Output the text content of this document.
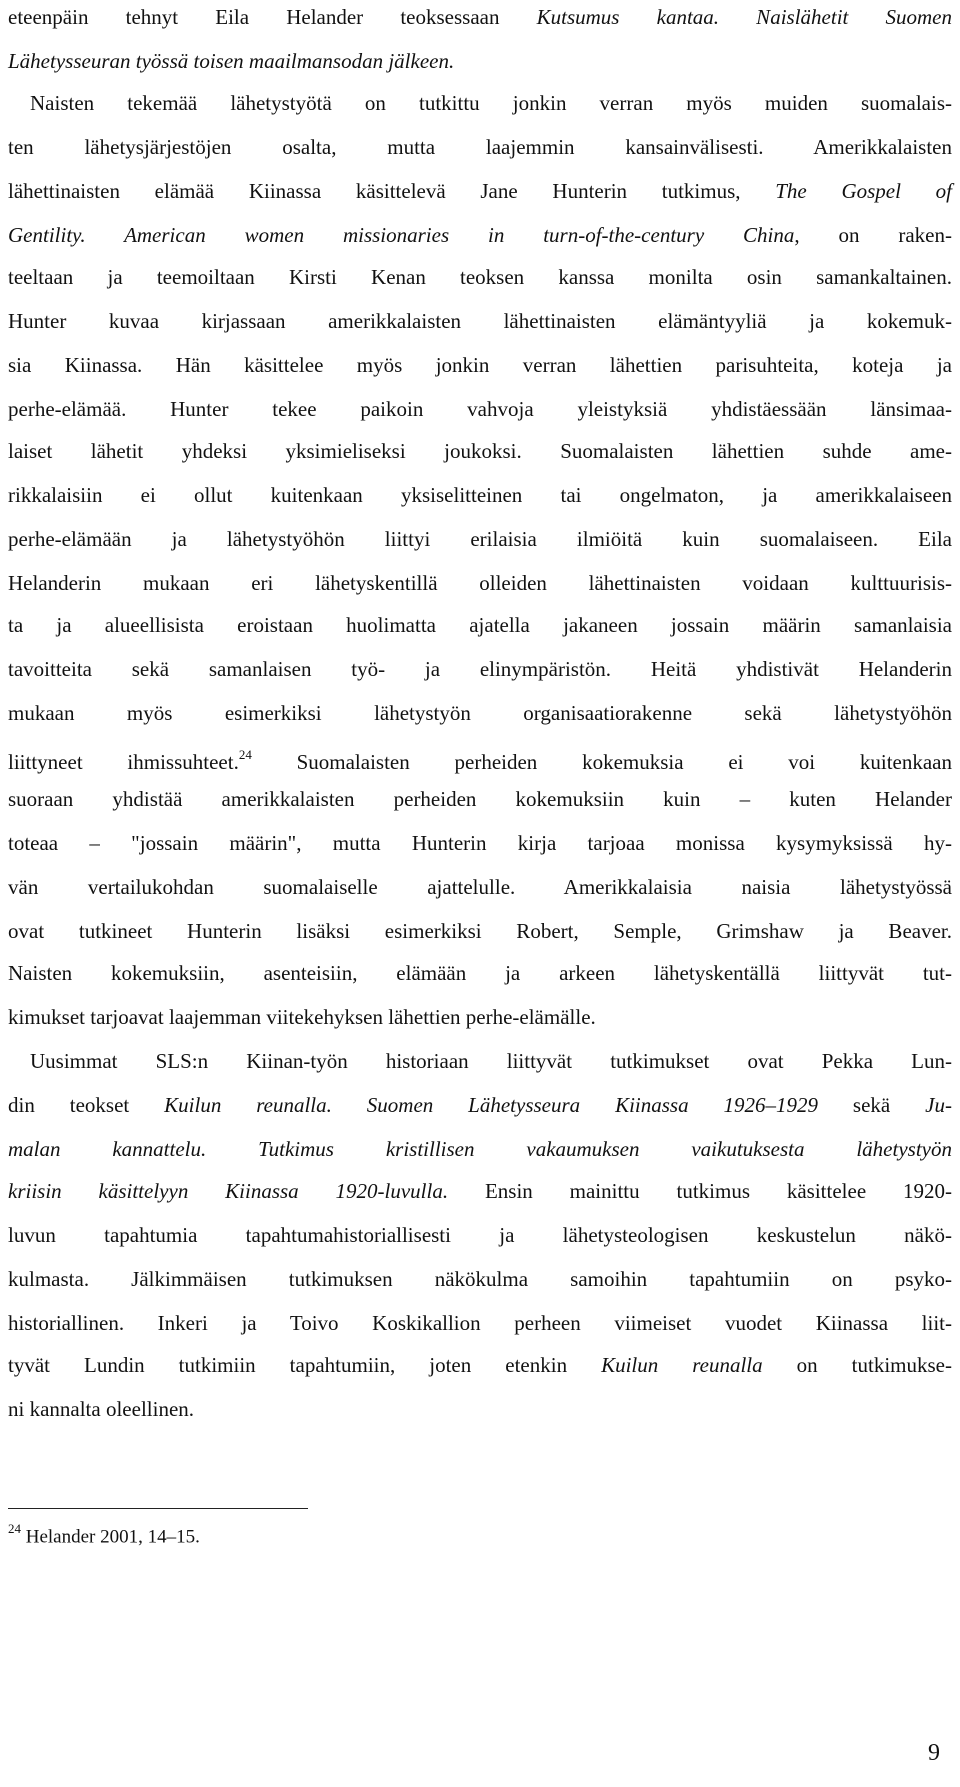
eteenpäin tehnyt Eila Helander teoksessaan Kutsumus kantaa. Naislähetit Suomen
Lähetysseuran työssä toisen maailmansodan jälkeen.
Naisten tekemää lähetystyötä on tutkittu jonkin verran myös muiden suomalais-
ten lähetysjärjestöjen osalta, mutta laajemmin kansainvälisesti. Amerikkalaisten
lähettinaisten elämää Kiinassa käsittelevä Jane Hunterin tutkimus, The Gospel of
Gentility. American women missionaries in turn-of-the-century China, on raken-
teeltaan ja teemoiltaan Kirsti Kenan teoksen kanssa monilta osin samankaltainen.
Hunter kuvaa kirjassaan amerikkalaisten lähettinaisten elämäntyyliä ja kokemuk-
sia Kiinassa. Hän käsittelee myös jonkin verran lähettien parisuhteita, koteja ja
perhe-elämää. Hunter tekee paikoin vahvoja yleistyksiä yhdistäessään länsimaa-
laiset lähetit yhdeksi yksimieliseksi joukoksi. Suomalaisten lähettien suhde ame-
rikkalaisiin ei ollut kuitenkaan yksiselitteinen tai ongelmaton, ja amerikkalaiseen
perhe-elämään ja lähetystyöhön liittyi erilaisia ilmiöitä kuin suomalaiseen. Eila
Helanderin mukaan eri lähetyskentillä olleiden lähettinaisten voidaan kulttuurisis-
ta ja alueellisista eroistaan huolimatta ajatella jakaneen jossain määrin samanlaisia
tavoitteita sekä samanlaisen työ- ja elinympäristön. Heitä yhdistivät Helanderin
mukaan myös esimerkiksi lähetystyön organisaatiorakenne sekä lähetystyöhön
liittyneet ihmissuhteet.$^{24}$ Suomalaisten perheiden kokemuksia ei voi kuitenkaan
suoraan yhdistää amerikkalaisten perheiden kokemuksiin kuin – kuten Helander
toteaa – "jossain määrin", mutta Hunterin kirja tarjoaa monissa kysymyksissä hy-
vän vertailukohdan suomalaiselle ajattelulle. Amerikkalaisia naisia lähetystyössä
ovat tutkineet Hunterin lisäksi esimerkiksi Robert, Semple, Grimshaw ja Beaver.
Naisten kokemuksiin, asenteisiin, elämään ja arkeen lähetyskentällä liittyvät tut-
kimukset tarjoavat laajemman viitekehyksen lähettien perhe-elämälle.
Uusimmat SLS:n Kiinan-työn historiaan liittyvät tutkimukset ovat Pekka Lun-
din teokset Kuilun reunalla. Suomen Lähetysseura Kiinassa 1926–1929 sekä Ju-
malan kannattelu. Tutkimus kristillisen vakaumuksen vaikutuksesta lähetystyön
kriisin käsittelyyn Kiinassa 1920-luvulla. Ensin mainittu tutkimus käsittelee 1920-
luvun tapahtumia tapahtumahistoriallisesti ja lähetysteologisen keskustelun näkö-
kulmasta. Jälkimmäisen tutkimuksen näkökulma samoihin tapahtumiin on psyko-
historiallinen. Inkeri ja Toivo Koskikallion perheen viimeiset vuodet Kiinassa liit-
tyvät Lundin tutkimiin tapahtumiin, joten etenkin Kuilun reunalla on tutkimukse-
ni kannalta oleellinen.
$^{24}$ Helander 2001, 14–15.
9
